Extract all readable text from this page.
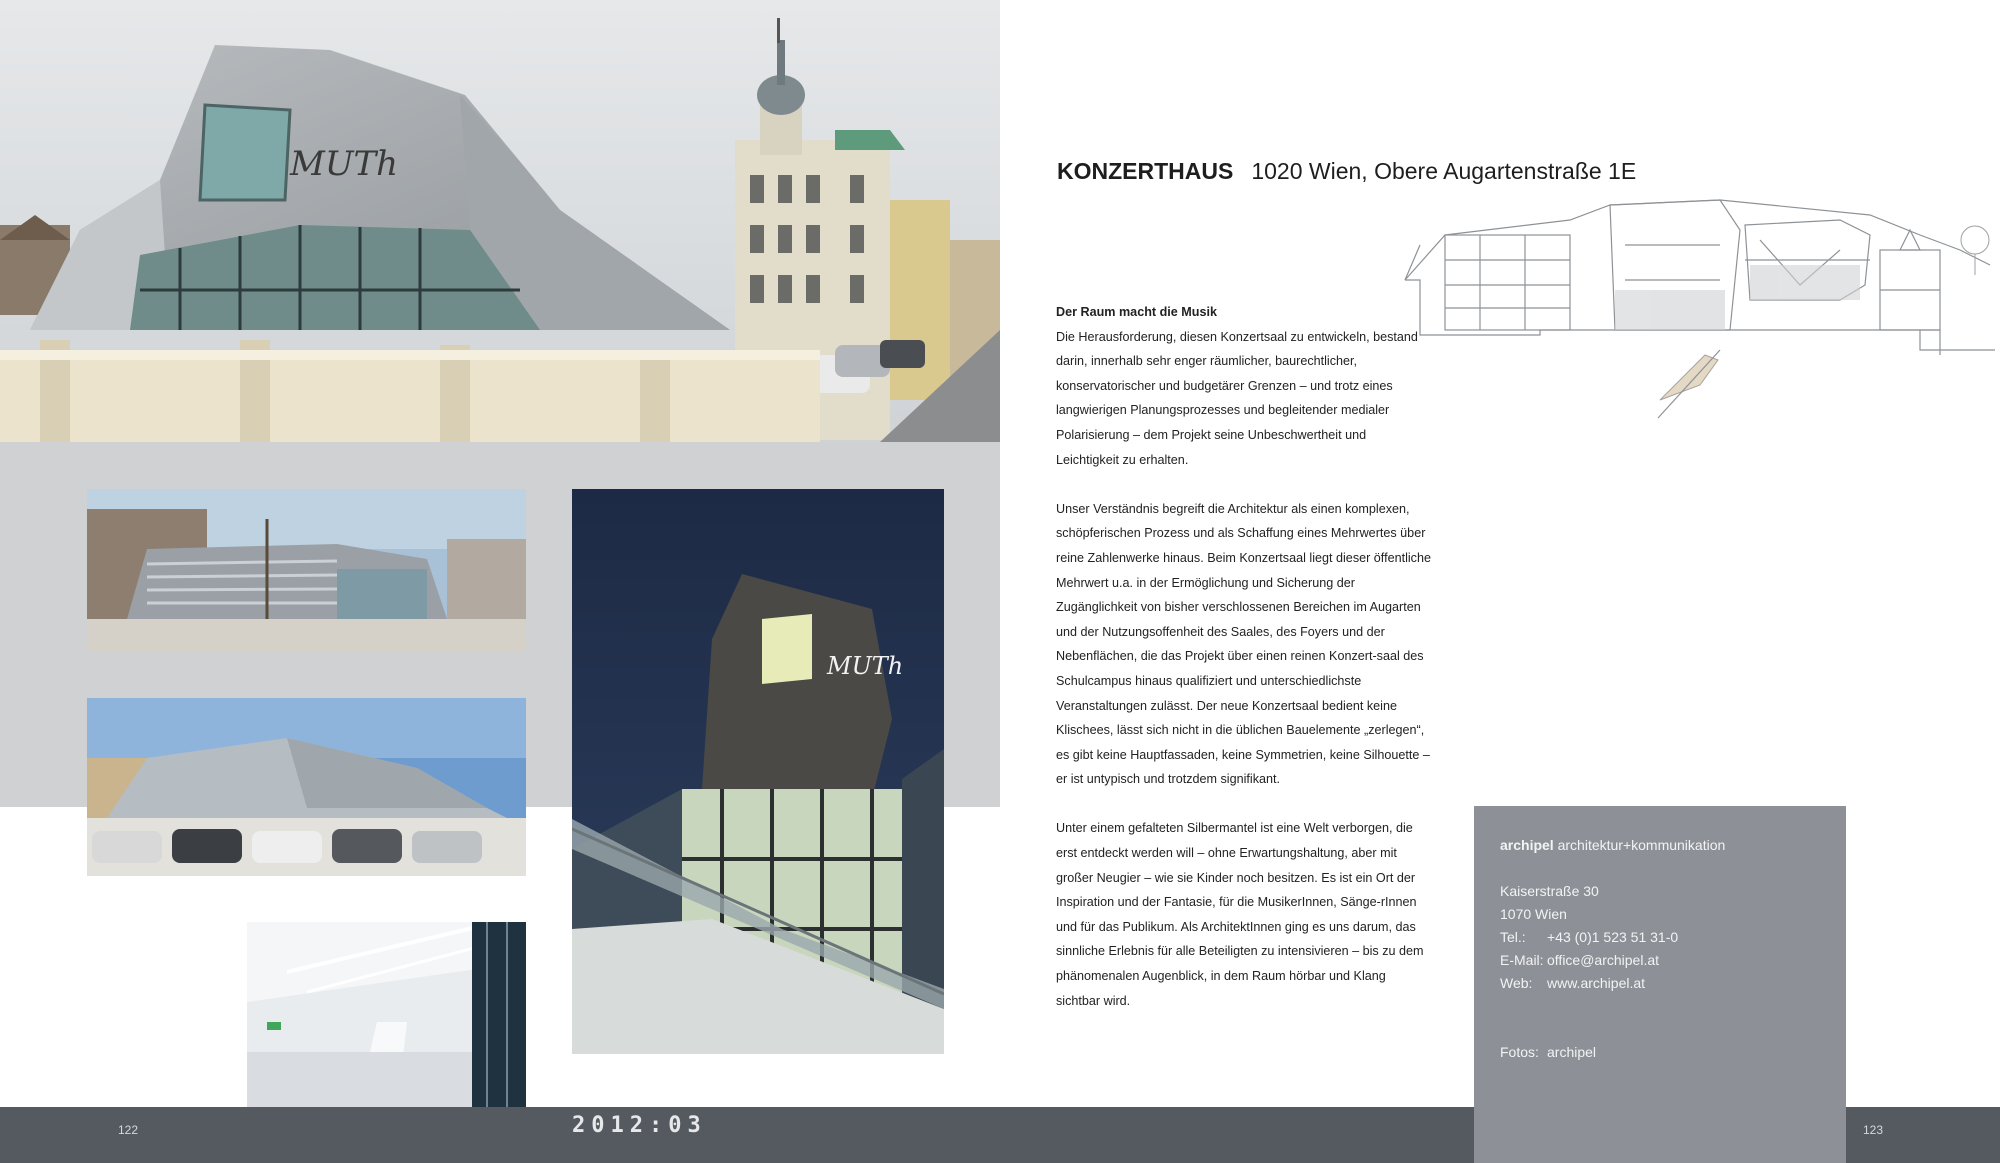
MUTh
MUTh
122	2012:03	123
KONZERTHAUS 1020 Wien, Obere Augartenstraße 1E

Der Raum macht die Musik
Die Herausforderung, diesen Konzertsaal zu entwickeln, bestand darin, innerhalb sehr enger räumlicher, baurechtlicher, konservatorischer und budgetärer Grenzen – und trotz eines langwierigen Planungsprozesses und begleitender medialer Polarisierung – dem Projekt seine Unbeschwertheit und Leichtigkeit zu erhalten.

Unser Verständnis begreift die Architektur als einen komplexen, schöpferischen Prozess und als Schaffung eines Mehrwertes über reine Zahlenwerke hinaus. Beim Konzertsaal liegt dieser öffentliche Mehrwert u.a. in der Ermöglichung und Sicherung der Zugänglichkeit von bisher verschlossenen Bereichen im Augarten und der Nutzungsoffenheit des Saales, des Foyers und der Nebenflächen, die das Projekt über einen reinen Konzert-saal des Schulcampus hinaus qualifiziert und unterschiedlichste Veranstaltungen zulässt. Der neue Konzertsaal bedient keine Klischees, lässt sich nicht in die üblichen Bauelemente „zerlegen“, es gibt keine Hauptfassaden, keine Symmetrien, keine Silhouette – er ist untypisch und trotzdem signifikant.

Unter einem gefalteten Silbermantel ist eine Welt verborgen, die erst entdeckt werden will – ohne Erwartungshaltung, aber mit großer Neugier – wie sie Kinder noch besitzen. Es ist ein Ort der Inspiration und der Fantasie, für die MusikerInnen, Sänge-rInnen und für das Publikum. Als ArchitektInnen ging es uns darum, das sinnliche Erlebnis für alle Beteiligten zu intensivieren – bis zu dem phänomenalen Augenblick, in dem Raum hörbar und Klang sichtbar wird.

archipel architektur+kommunikation
Kaiserstraße 30
1070 Wien
Tel.: +43 (0)1 523 51 31-0
E-Mail: office@archipel.at
Web: www.archipel.at
Fotos: archipel
